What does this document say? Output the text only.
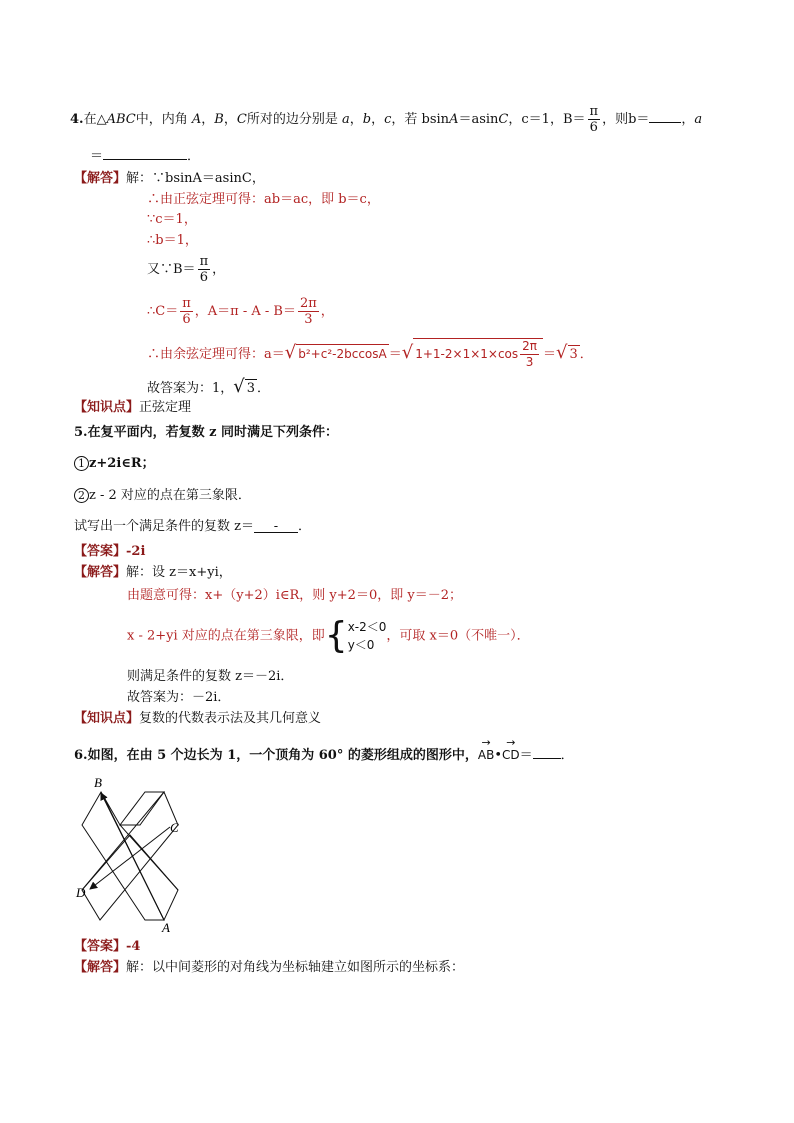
4.在△ABC中，内角 A，B，C所对的边分别是 a，b，c，若 bsinA＝asinC，c＝1，$B= \frac{\pi}{6}$ ，则b＝ ，a
＝	．
【解答】解：∵bsinA＝asinC，
∴由正弦定理可得：ab＝ac，即 b＝c，
∵c＝1，
∴b＝1，
又∵B＝ $\frac{\pi}{6}$ ，
∴C＝ $\frac{\pi}{6}$ ，$A=\pi - A - B= \frac{2\pi}{3}$ ，
∴由余弦定理可得：a＝√ b²+c²-2bccosA ＝√ $1+1-2\times 1\times 1\times\cos \frac{2\pi}{3}$ ＝√ 3 ．
故答案为：1，√ 3 ．
【知识点】正弦定理
5.在复平面内，若复数 z 同时满足下列条件：
1 z+2i∈R；
2 z - 2 对应的点在第三象限．
试写出一个满足条件的复数 z＝ - ．
【答案】-2i
【解答】解：设 z＝x+yi，
由题意可得：x+（y+2）i∈R，则 y+2＝0，即 y＝－2；
x - 2+yi 对应的点在第三象限，即{ x-2＜0
y＜0
，可取 x＝0（不唯一）．
则满足条件的复数 z＝－2i．
故答案为：－2i．
【知识点】复数的代数表示法及其几何意义
6.如图，在由 5 个边长为 1，一个顶角为 60° 的菱形组成的图形中，→ AB•→ CD＝ ．
B
C
D
A
【答案】-4
【解答】解：以中间菱形的对角线为坐标轴建立如图所示的坐标系：
